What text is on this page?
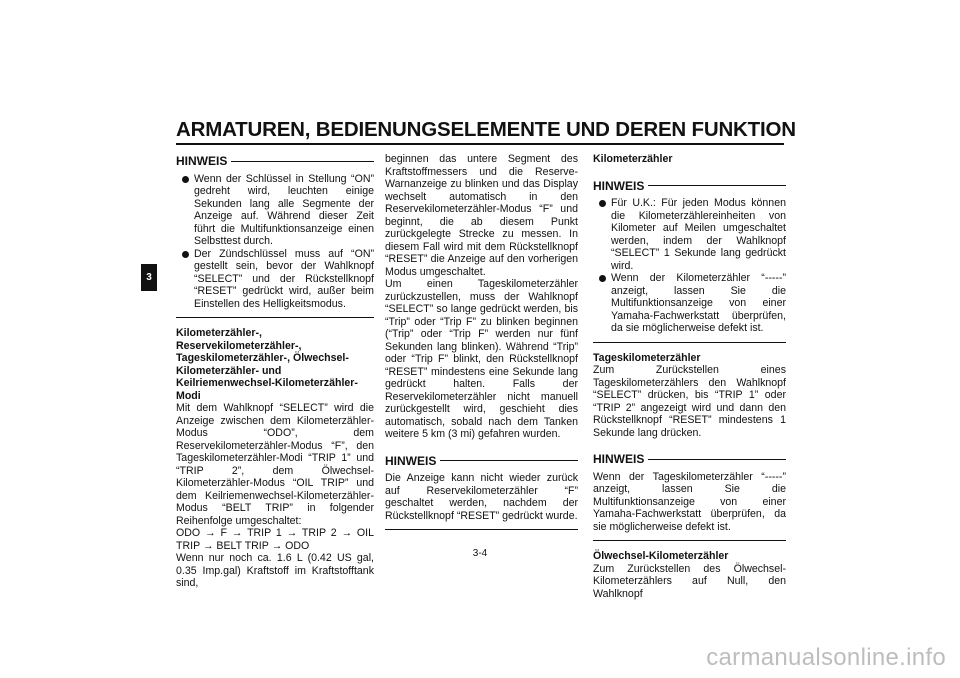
ARMATUREN, BEDIENUNGSELEMENTE UND DEREN FUNKTION
3
HINWEIS
Wenn der Schlüssel in Stellung “ON” gedreht wird, leuchten einige Sekunden lang alle Segmente der Anzeige auf. Während dieser Zeit führt die Multifunktionsanzeige einen Selbsttest durch.
Der Zündschlüssel muss auf “ON” gestellt sein, bevor der Wahlknopf “SELECT” und der Rückstellknopf “RESET” gedrückt wird, außer beim Einstellen des Helligkeitsmodus.

Kilometerzähler-, Reservekilometerzähler-, Tageskilometerzähler-, Ölwechsel-Kilometerzähler- und Keilriemenwechsel-Kilometerzähler-Modi

Mit dem Wahlknopf “SELECT” wird die Anzeige zwischen dem Kilometerzähler-Modus “ODO”, dem Reservekilometerzähler-Modus “F”, den Tageskilometerzähler-Modi “TRIP 1” und “TRIP 2”, dem Ölwechsel-Kilometerzähler-Modus “OIL TRIP” und dem Keilriemenwechsel-Kilometerzähler-Modus “BELT TRIP” in folgender Reihenfolge umgeschaltet:

ODO → F → TRIP 1 → TRIP 2 → OIL TRIP → BELT TRIP → ODO

Wenn nur noch ca. 1.6 L (0.42 US gal, 0.35 Imp.gal) Kraftstoff im Kraftstofftank sind,

beginnen das untere Segment des Kraftstoffmessers und die Reserve-Warnanzeige zu blinken und das Display wechselt automatisch in den Reservekilometerzähler-Modus “F” und beginnt, die ab diesem Punkt zurückgelegte Strecke zu messen. In diesem Fall wird mit dem Rückstellknopf “RESET” die Anzeige auf den vorherigen Modus umgeschaltet.

Um einen Tageskilometerzähler zurückzustellen, muss der Wahlknopf “SELECT” so lange gedrückt werden, bis “Trip” oder “Trip F” zu blinken beginnen (“Trip” oder “Trip F” werden nur fünf Sekunden lang blinken). Während “Trip” oder “Trip F” blinkt, den Rückstellknopf “RESET” mindestens eine Sekunde lang gedrückt halten. Falls der Reservekilometerzähler nicht manuell zurückgestellt wird, geschieht dies automatisch, sobald nach dem Tanken weitere 5 km (3 mi) gefahren wurden.

HINWEIS

Die Anzeige kann nicht wieder zurück auf Reservekilometerzähler “F” geschaltet werden, nachdem der Rückstellknopf “RESET” gedrückt wurde.

Kilometerzähler

HINWEIS
Für U.K.: Für jeden Modus können die Kilometerzählereinheiten von Kilometer auf Meilen umgeschaltet werden, indem der Wahlknopf “SELECT” 1 Sekunde lang gedrückt wird.
Wenn der Kilometerzähler “-----” anzeigt, lassen Sie die Multifunktionsanzeige von einer Yamaha-Fachwerkstatt überprüfen, da sie möglicherweise defekt ist.

Tageskilometerzähler

Zum Zurückstellen eines Tageskilometerzählers den Wahlknopf “SELECT” drücken, bis “TRIP 1” oder “TRIP 2” angezeigt wird und dann den Rückstellknopf “RESET” mindestens 1 Sekunde lang drücken.

HINWEIS

Wenn der Tageskilometerzähler “-----” anzeigt, lassen Sie die Multifunktionsanzeige von einer Yamaha-Fachwerkstatt überprüfen, da sie möglicherweise defekt ist.

Ölwechsel-Kilometerzähler

Zum Zurückstellen des Ölwechsel-Kilometerzählers auf Null, den Wahlknopf

3-4
carmanualsonline.info
